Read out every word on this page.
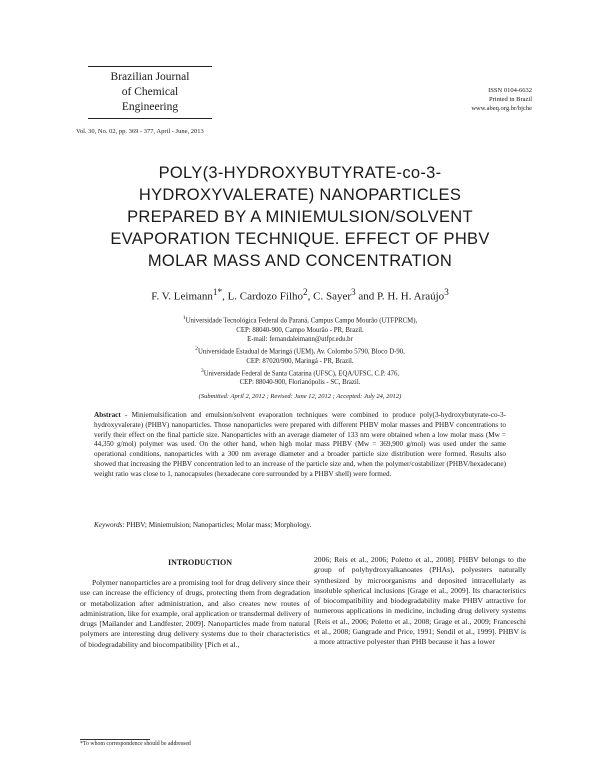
Brazilian Journal
of Chemical
Engineering
ISSN 0104-6632
Printed in Brazil
www.abeq.org.br/bjche
Vol. 30, No. 02, pp. 369 - 377, April - June, 2013
POLY(3-HYDROXYBUTYRATE-co-3-
HYDROXYVALERATE) NANOPARTICLES
PREPARED BY A MINIEMULSION/SOLVENT
EVAPORATION TECHNIQUE. EFFECT OF PHBV
MOLAR MASS AND CONCENTRATION
F. V. Leimann$^{1*}$, L. Cardozo Filho$^2$, C. Sayer$^3$ and P. H. H. Araújo$^3$
$^1$Universidade Tecnológica Federal do Paraná, Campus Campo Mourão (UTFPRCM),
CEP: 88040-900, Campo Mourão - PR, Brazil.
E-mail: fernandaleimann@utfpr.edu.br
$^2$Universidade Estadual de Maringá (UEM), Av. Colombo 5790, Bloco D-90,
CEP: 87020/900, Maringá - PR, Brazil.
$^3$Universidade Federal de Santa Catarina (UFSC), EQA/UFSC, C.P. 476,
CEP: 88040-900, Florianópolis - SC, Brazil.
(Submitted: April 2, 2012 ; Revised: June 12, 2012 ; Accepted: July 24, 2012)
Abstract - Miniemulsification and emulsion/solvent evaporation techniques were combined to produce poly(3-hydroxybutyrate-co-3-hydroxyvalerate) (PHBV) nanoparticles. Those nanoparticles were prepared with different PHBV molar masses and PHBV concentrations to verify their effect on the final particle size. Nanoparticles with an average diameter of 133 nm were obtained when a low molar mass (Mw = 44,350 g/mol) polymer was used. On the other hand, when high molar mass PHBV (Mw = 369,900 g/mol) was used under the same operational conditions, nanoparticles with a 300 nm average diameter and a broader particle size distribution were formed. Results also showed that increasing the PHBV concentration led to an increase of the particle size and, when the polymer/costabilizer (PHBV/hexadecane) weight ratio was close to 1, nanocapsules (hexadecane core surrounded by a PHBV shell) were formed.
Keywords: PHBV; Miniemulsion; Nanoparticles; Molar mass; Morphology.
INTRODUCTION

Polymer nanoparticles are a promising tool for drug delivery since their use can increase the efficiency of drugs, protecting them from degradation or metabolization after administration, and also creates new routes of administration, like for example, oral application or transdermal delivery of drugs [Mailander and Landfester, 2009]. Nanoparticles made from natural polymers are interesting drug delivery systems due to their characteristics of biodegradability and biocompatibility [Pich et al.,

2006; Reis et al., 2006; Poletto et al., 2008]. PHBV belongs to the group of polyhydroxyalkanoates (PHAs), polyesters naturally synthesized by microorganisms and deposited intracellularly as insoluble spherical inclusions [Grage et al., 2009]. Its characteristics of biocompatibility and biodegradability make PHBV attractive for numerous applications in medicine, including drug delivery systems [Reis et al., 2006; Poletto et al., 2008; Grage et al., 2009; Franceschi et al., 2008; Gangrade and Price, 1991; Sendil et al., 1999]. PHBV is a more attractive polyester than PHB because it has a lower

*To whom correspondence should be addressed
